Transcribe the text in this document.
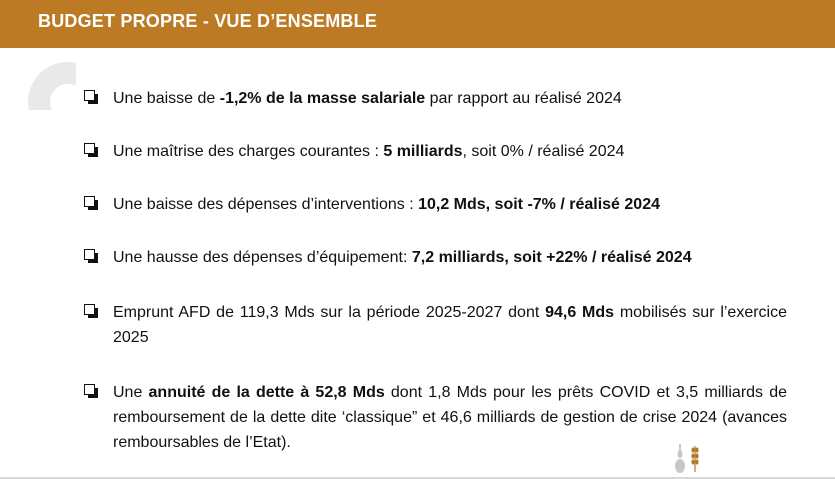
BUDGET PROPRE - VUE D’ENSEMBLE
Une baisse de -1,2% de la masse salariale par rapport au réalisé 2024
Une maîtrise des charges courantes : 5 milliards, soit 0% / réalisé 2024
Une baisse des dépenses d’interventions : 10,2 Mds, soit -7% / réalisé 2024
Une hausse des dépenses d’équipement: 7,2 milliards, soit +22% / réalisé 2024
Emprunt AFD de 119,3 Mds sur la période 2025-2027 dont 94,6 Mds mobilisés sur l’exercice 2025
Une annuité de la dette à 52,8 Mds dont 1,8 Mds pour les prêts COVID et 3,5 milliards de remboursement de la dette dite ‘classique” et 46,6 milliards de gestion de crise 2024 (avances remboursables de l’Etat).
